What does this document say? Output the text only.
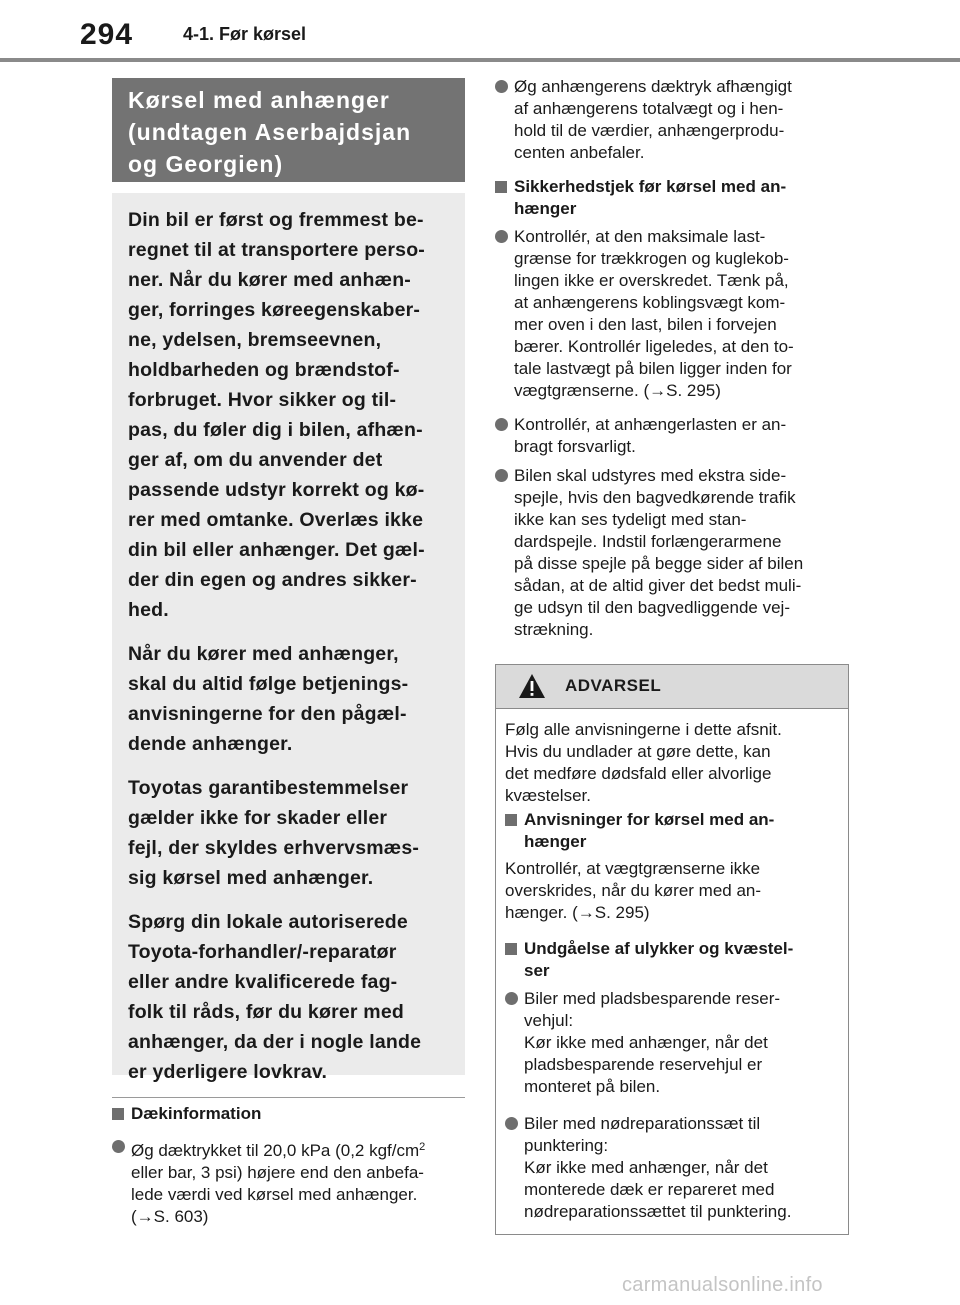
294	4-1. Før kørsel
Kørsel med anhænger
(undtagen Aserbajdsjan
og Georgien)
Din bil er først og fremmest be-
regnet til at transportere perso-
ner. Når du kører med anhæn-
ger, forringes køreegenskaber-
ne, ydelsen, bremseevnen,
holdbarheden og brændstof-
forbruget. Hvor sikker og til-
pas, du føler dig i bilen, afhæn-
ger af, om du anvender det
passende udstyr korrekt og kø-
rer med omtanke. Overlæs ikke
din bil eller anhænger. Det gæl-
der din egen og andres sikker-
hed.
Når du kører med anhænger,
skal du altid følge betjenings-
anvisningerne for den pågæl-
dende anhænger.
Toyotas garantibestemmelser
gælder ikke for skader eller
fejl, der skyldes erhvervsmæs-
sig kørsel med anhænger.
Spørg din lokale autoriserede
Toyota-forhandler/-reparatør
eller andre kvalificerede fag-
folk til råds, før du kører med
anhænger, da der i nogle lande
er yderligere lovkrav.
Dækinformation
Øg dæktrykket til 20,0 kPa (0,2 kgf/$cm^2$
eller bar, 3 psi) højere end den anbefa-
lede værdi ved kørsel med anhænger.
(→S. 603)
Øg anhængerens dæktryk afhængigt
af anhængerens totalvægt og i hen-
hold til de værdier, anhængerprodu-
centen anbefaler.
Sikkerhedstjek før kørsel med an-
hænger
Kontrollér, at den maksimale last-
grænse for trækkrogen og kuglekob-
lingen ikke er overskredet. Tænk på,
at anhængerens koblingsvægt kom-
mer oven i den last, bilen i forvejen
bærer. Kontrollér ligeledes, at den to-
tale lastvægt på bilen ligger inden for
vægtgrænserne. (→S. 295)
Kontrollér, at anhængerlasten er an-
bragt forsvarligt.
Bilen skal udstyres med ekstra side-
spejle, hvis den bagvedkørende trafik
ikke kan ses tydeligt med stan-
dardspejle. Indstil forlængerarmene
på disse spejle på begge sider af bilen
sådan, at de altid giver det bedst muli-
ge udsyn til den bagvedliggende vej-
strækning.
ADVARSEL
Følg alle anvisningerne i dette afsnit.
Hvis du undlader at gøre dette, kan
det medføre dødsfald eller alvorlige
kvæstelser.
Anvisninger for kørsel med an-
hænger
Kontrollér, at vægtgrænserne ikke
overskrides, når du kører med an-
hænger. (→S. 295)
Undgåelse af ulykker og kvæstel-
ser
Biler med pladsbesparende reser-
vehjul:
Kør ikke med anhænger, når det
pladsbesparende reservehjul er
monteret på bilen.
Biler med nødreparationssæt til
punktering:
Kør ikke med anhænger, når det
monterede dæk er repareret med
nødreparationssættet til punktering.
carmanualsonline.info
